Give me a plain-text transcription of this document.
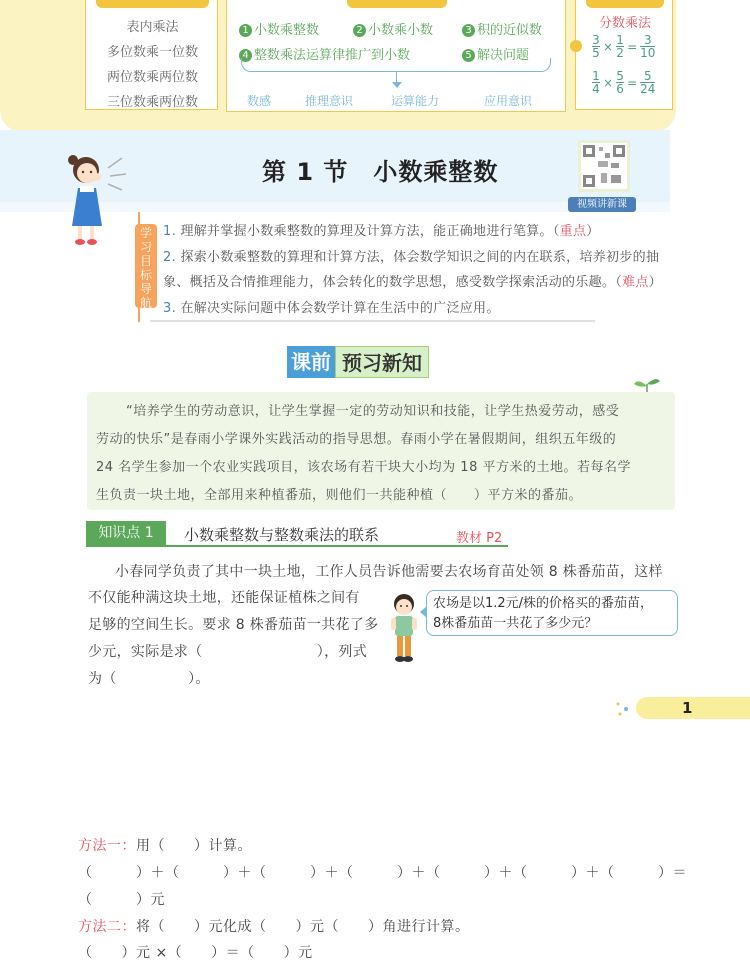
表内乘法
多位数乘一位数
两位数乘两位数
三位数乘两位数
1 小数乘整数	2 小数乘小数	3 积的近似数
4 整数乘法运算律推广到小数	5 解决问题
数感	推理意识	运算能力	应用意识
分数乘法
$\frac{3}{5} \times \frac{1}{2} = \frac{3}{10}$
$\frac{1}{4} \times \frac{5}{6} = \frac{5}{24}$
第 1 节　小数乘整数
视频讲新课
学习目标导航
1. 理解并掌握小数乘整数的算理及计算方法，能正确地进行笔算。（重点）
2. 探索小数乘整数的算理和计算方法，体会数学知识之间的内在联系，培养初步的抽
象、概括及合情推理能力，体会转化的数学思想，感受数学探索活动的乐趣。（难点）
3. 在解决实际问题中体会数学计算在生活中的广泛应用。
课前 预习新知
“培养学生的劳动意识，让学生掌握一定的劳动知识和技能，让学生热爱劳动，感受
劳动的快乐”是春雨小学课外实践活动的指导思想。春雨小学在暑假期间，组织五年级的
24 名学生参加一个农业实践项目，该农场有若干块大小均为 18 平方米的土地。若每名学
生负责一块土地，全部用来种植番茄，则他们一共能种植（　　）平方米的番茄。
知识点 1	小数乘整数与整数乘法的联系	教材 P2
小春同学负责了其中一块土地，工作人员告诉他需要去农场育苗处领 8 株番茄苗，这样
不仅能种满这块土地，还能保证植株之间有
足够的空间生长。要求 8 株番茄苗一共花了多
少元，实际是求（　　　　　　　　），列式
为（　　　　　）。
农场是以1.2元/株的价格买的番茄苗，
8株番茄苗一共花了多少元？
1
方法一：用（　　）计算。
（　　　）＋（　　　）＋（　　　）＋（　　　）＋（　　　）＋（　　　）＋（　　　）＝
（　　　）元
方法二：将（　　）元化成（　　）元（　　）角进行计算。
（　　）元 ×（　　）＝（　　）元
